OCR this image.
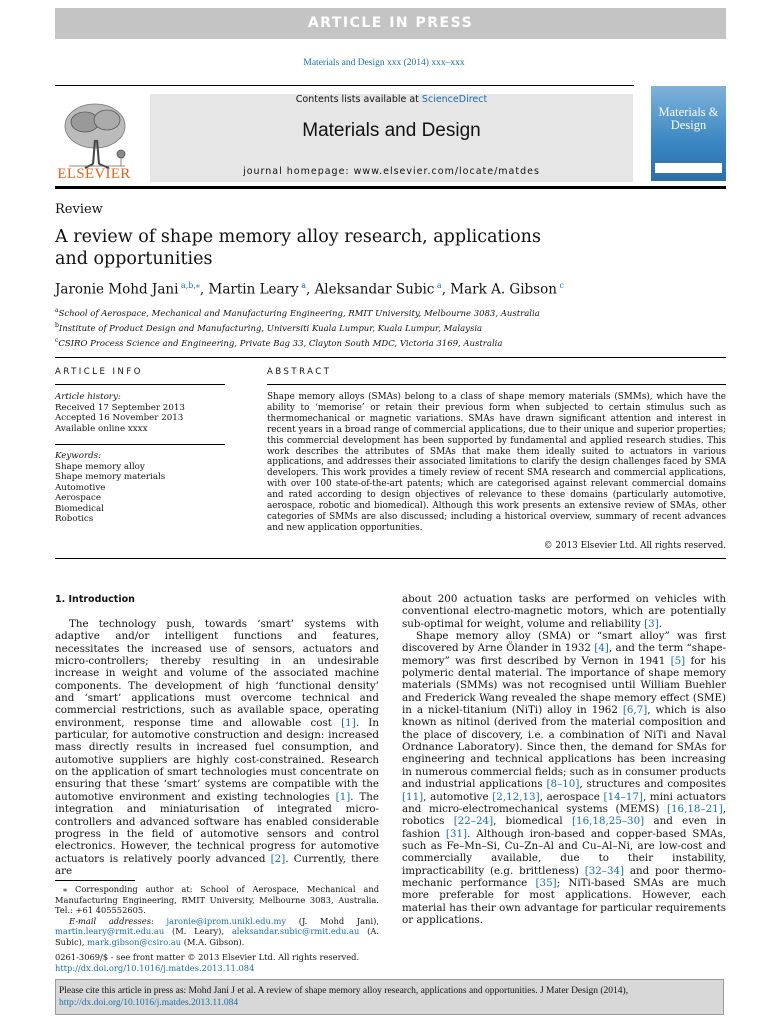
ARTICLE IN PRESS
Materials and Design xxx (2014) xxx–xxx
ELSEVIER
Contents lists available at ScienceDirect
Materials and Design
journal homepage: www.elsevier.com/locate/matdes
Materials & Design
Review
A review of shape memory alloy research, applications and opportunities
Jaronie Mohd Jani $^{a,b,⁎}$, Martin Leary $^a$, Aleksandar Subic $^a$, Mark A. Gibson $^c$
$^a$School of Aerospace, Mechanical and Manufacturing Engineering, RMIT University, Melbourne 3083, Australia
$^b$Institute of Product Design and Manufacturing, Universiti Kuala Lumpur, Kuala Lumpur, Malaysia
$^c$CSIRO Process Science and Engineering, Private Bag 33, Clayton South MDC, Victoria 3169, Australia
ARTICLE INFO
Article history:
Received 17 September 2013
Accepted 16 November 2013
Available online xxxx
Keywords:
Shape memory alloy
Shape memory materials
Automotive
Aerospace
Biomedical
Robotics
ABSTRACT
Shape memory alloys (SMAs) belong to a class of shape memory materials (SMMs), which have the ability to ‘memorise’ or retain their previous form when subjected to certain stimulus such as thermomechanical or magnetic variations. SMAs have drawn significant attention and interest in recent years in a broad range of commercial applications, due to their unique and superior properties; this commercial development has been supported by fundamental and applied research studies. This work describes the attributes of SMAs that make them ideally suited to actuators in various applications, and addresses their associated limitations to clarify the design challenges faced by SMA developers. This work provides a timely review of recent SMA research and commercial applications, with over 100 state-of-the-art patents; which are categorised against relevant commercial domains and rated according to design objectives of relevance to these domains (particularly automotive, aerospace, robotic and biomedical). Although this work presents an extensive review of SMAs, other categories of SMMs are also discussed; including a historical overview, summary of recent advances and new application opportunities.
© 2013 Elsevier Ltd. All rights reserved.
1. Introduction

The technology push, towards ‘smart’ systems with adaptive and/or intelligent functions and features, necessitates the increased use of sensors, actuators and micro-controllers; thereby resulting in an undesirable increase in weight and volume of the associated machine components. The development of high ‘functional density’ and ‘smart’ applications must overcome technical and commercial restrictions, such as available space, operating environment, response time and allowable cost [1]. In particular, for automotive construction and design: increased mass directly results in increased fuel consumption, and automotive suppliers are highly cost-constrained. Research on the application of smart technologies must concentrate on ensuring that these ‘smart’ systems are compatible with the automotive environment and existing technologies [1]. The integration and miniaturisation of integrated micro-controllers and advanced software has enabled considerable progress in the field of automotive sensors and control electronics. However, the technical progress for automotive actuators is relatively poorly advanced [2]. Currently, there are

about 200 actuation tasks are performed on vehicles with conventional electro-magnetic motors, which are potentially sub-optimal for weight, volume and reliability [3].

Shape memory alloy (SMA) or “smart alloy” was first discovered by Arne Ölander in 1932 [4], and the term “shape-memory” was first described by Vernon in 1941 [5] for his polymeric dental material. The importance of shape memory materials (SMMs) was not recognised until William Buehler and Frederick Wang revealed the shape memory effect (SME) in a nickel-titanium (NiTi) alloy in 1962 [6,7], which is also known as nitinol (derived from the material composition and the place of discovery, i.e. a combination of NiTi and Naval Ordnance Laboratory). Since then, the demand for SMAs for engineering and technical applications has been increasing in numerous commercial fields; such as in consumer products and industrial applications [8–10], structures and composites [11], automotive [2,12,13], aerospace [14–17], mini actuators and micro-electromechanical systems (MEMS) [16,18–21], robotics [22–24], biomedical [16,18,25–30] and even in fashion [31]. Although iron-based and copper-based SMAs, such as Fe–Mn–Si, Cu–Zn–Al and Cu–Al–Ni, are low-cost and commercially available, due to their instability, impracticability (e.g. brittleness) [32–34] and poor thermo-mechanic performance [35]; NiTi-based SMAs are much more preferable for most applications. However, each material has their own advantage for particular requirements or applications.

⁎ Corresponding author at: School of Aerospace, Mechanical and Manufacturing Engineering, RMIT University, Melbourne 3083, Australia. Tel.: +61 405552605.
E-mail addresses: jaronie@iprom.unikl.edu.my (J. Mohd Jani), martin.leary@rmit.edu.au (M. Leary), aleksandar.subic@rmit.edu.au (A. Subic), mark.gibson@csiro.au (M.A. Gibson).
0261-3069/$ - see front matter © 2013 Elsevier Ltd. All rights reserved.
http://dx.doi.org/10.1016/j.matdes.2013.11.084
Please cite this article in press as: Mohd Jani J et al. A review of shape memory alloy research, applications and opportunities. J Mater Design (2014), http://dx.doi.org/10.1016/j.matdes.2013.11.084
